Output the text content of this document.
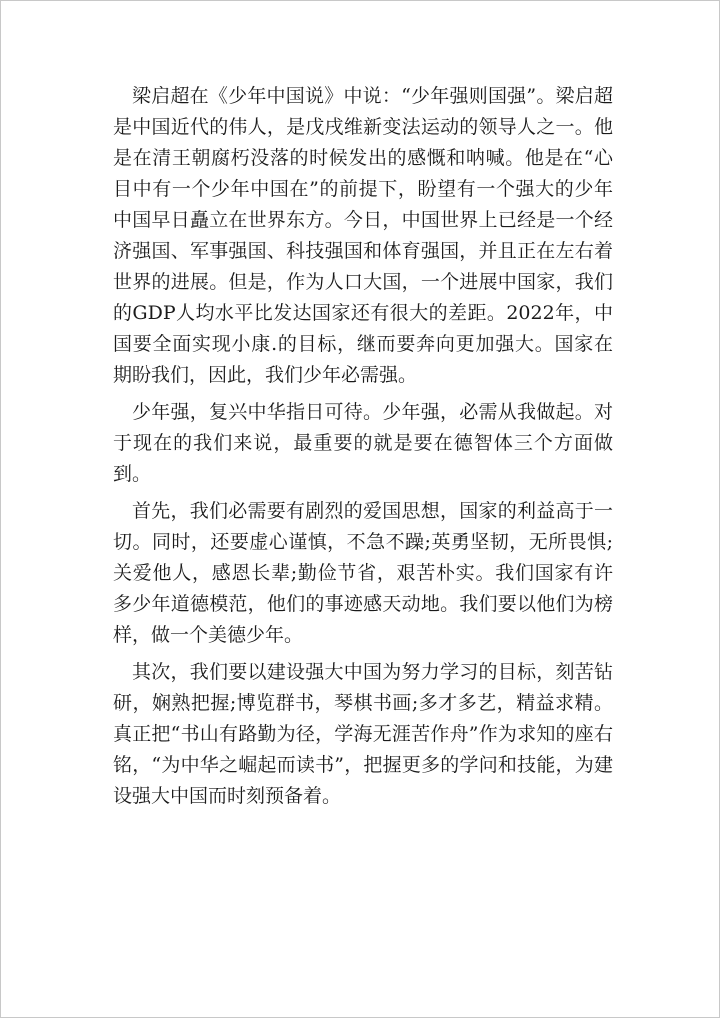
梁启超在《少年中国说》中说：“少年强则国强”。梁启超是中国近代的伟人，是戊戌维新变法运动的领导人之一。他是在清王朝腐朽没落的时候发出的感慨和呐喊。他是在“心目中有一个少年中国在”的前提下，盼望有一个强大的少年中国早日矗立在世界东方。今日，中国世界上已经是一个经济强国、军事强国、科技强国和体育强国，并且正在左右着世界的进展。但是，作为人口大国，一个进展中国家，我们的GDP人均水平比发达国家还有很大的差距。2022年，中国要全面实现小康.的目标，继而要奔向更加强大。国家在期盼我们，因此，我们少年必需强。

少年强，复兴中华指日可待。少年强，必需从我做起。对于现在的我们来说，最重要的就是要在德智体三个方面做到。

首先，我们必需要有剧烈的爱国思想，国家的利益高于一切。同时，还要虚心谨慎，不急不躁;英勇坚韧，无所畏惧;关爱他人，感恩长辈;勤俭节省，艰苦朴实。我们国家有许多少年道德模范，他们的事迹感天动地。我们要以他们为榜样，做一个美德少年。

其次，我们要以建设强大中国为努力学习的目标，刻苦钻研，娴熟把握;博览群书，琴棋书画;多才多艺，精益求精。真正把“书山有路勤为径，学海无涯苦作舟”作为求知的座右铭，“为中华之崛起而读书”，把握更多的学问和技能，为建设强大中国而时刻预备着。
